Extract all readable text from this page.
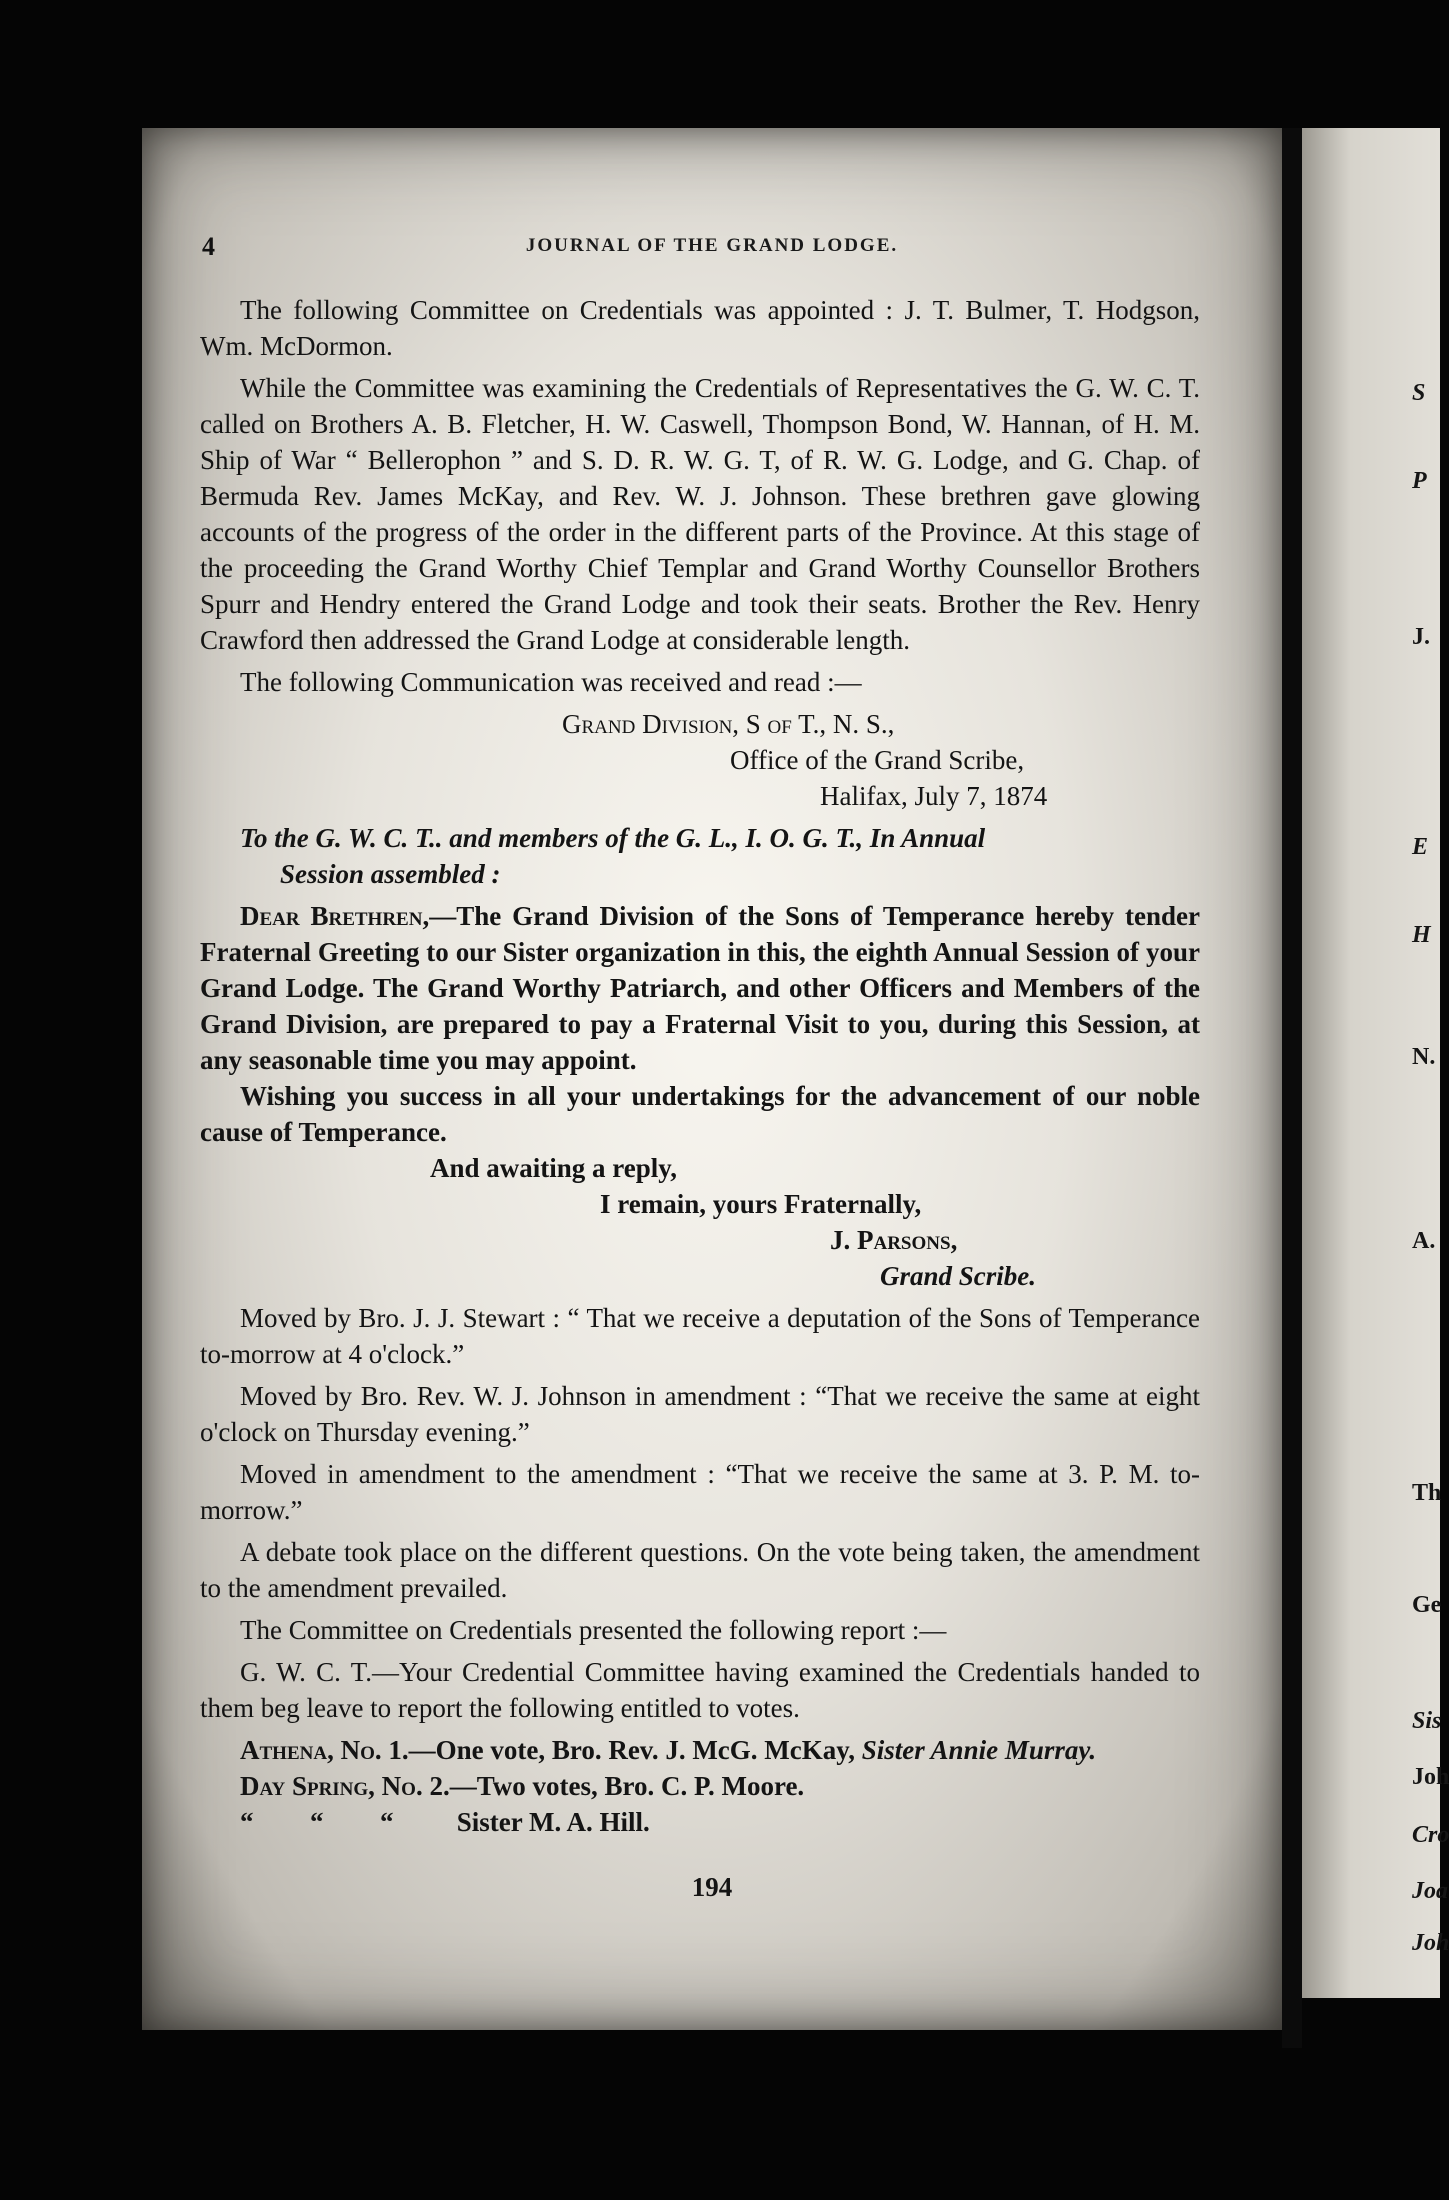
4	JOURNAL OF THE GRAND LODGE.

The following Committee on Credentials was appointed : J. T. Bulmer, T. Hodgson, Wm. McDormon.

While the Committee was examining the Credentials of Representatives the G. W. C. T. called on Brothers A. B. Fletcher, H. W. Caswell, Thompson Bond, W. Hannan, of H. M. Ship of War “ Bellerophon ” and S. D. R. W. G. T, of R. W. G. Lodge, and G. Chap. of Bermuda Rev. James McKay, and Rev. W. J. Johnson. These brethren gave glowing accounts of the progress of the order in the different parts of the Province. At this stage of the proceeding the Grand Worthy Chief Templar and Grand Worthy Counsellor Brothers Spurr and Hendry entered the Grand Lodge and took their seats. Brother the Rev. Henry Crawford then addressed the Grand Lodge at considerable length.

The following Communication was received and read :—

Grand Division, S of T., N. S.,

Office of the Grand Scribe,

Halifax, July 7, 1874

To the G. W. C. T.. and members of the G. L., I. O. G. T., In Annual
Session assembled :

Dear Brethren,—The Grand Division of the Sons of Temperance hereby tender Fraternal Greeting to our Sister organization in this, the eighth Annual Session of your Grand Lodge. The Grand Worthy Patriarch, and other Officers and Members of the Grand Division, are prepared to pay a Fraternal Visit to you, during this Session, at any seasonable time you may appoint.

Wishing you success in all your undertakings for the advancement of our noble cause of Temperance.

And awaiting a reply,

I remain, yours Fraternally,

J. Parsons,

Grand Scribe.

Moved by Bro. J. J. Stewart : “ That we receive a deputation of the Sons of Temperance to-morrow at 4 o'clock.”

Moved by Bro. Rev. W. J. Johnson in amendment : “That we receive the same at eight o'clock on Thursday evening.”

Moved in amendment to the amendment : “That we receive the same at 3. P. M. to-morrow.”

A debate took place on the different questions. On the vote being taken, the amendment to the amendment prevailed.

The Committee on Credentials presented the following report :—

G. W. C. T.—Your Credential Committee having examined the Credentials handed to them beg leave to report the following entitled to votes.

Athena, No. 1.—One vote, Bro. Rev. J. McG. McKay, Sister Annie Murray.

Day Spring, No. 2.—Two votes, Bro. C. P. Moore.

“ “ “ Sister M. A. Hill.

194
S
P
J.
E
H
N.
A.
Th
Ge
Sis
Joh
Cro
Joa
Joh
